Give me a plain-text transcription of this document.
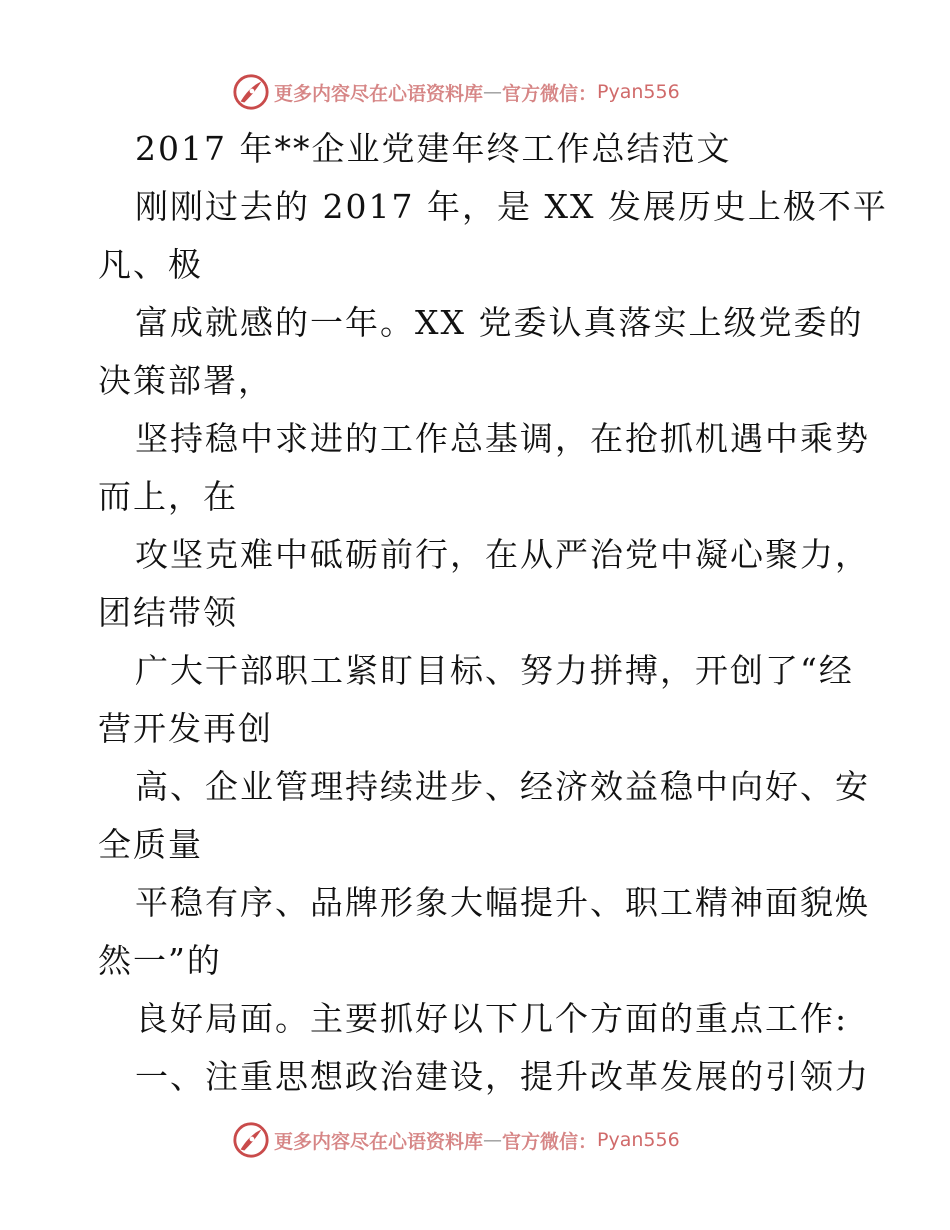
更多内容尽在心语资料库 — 官方微信： Pyan556
2017 年**企业党建年终工作总结范文
刚刚过去的 2017 年，是 XX 发展历史上极不平
凡、极
富成就感的一年。XX 党委认真落实上级党委的
决策部署，
坚持稳中求进的工作总基调，在抢抓机遇中乘势
而上，在
攻坚克难中砥砺前行，在从严治党中凝心聚力，
团结带领
广大干部职工紧盯目标、努力拼搏，开创了“经
营开发再创
高、企业管理持续进步、经济效益稳中向好、安
全质量
平稳有序、品牌形象大幅提升、职工精神面貌焕
然一”的
良好局面。主要抓好以下几个方面的重点工作:
一、注重思想政治建设，提升改革发展的引领力
更多内容尽在心语资料库 — 官方微信： Pyan556
